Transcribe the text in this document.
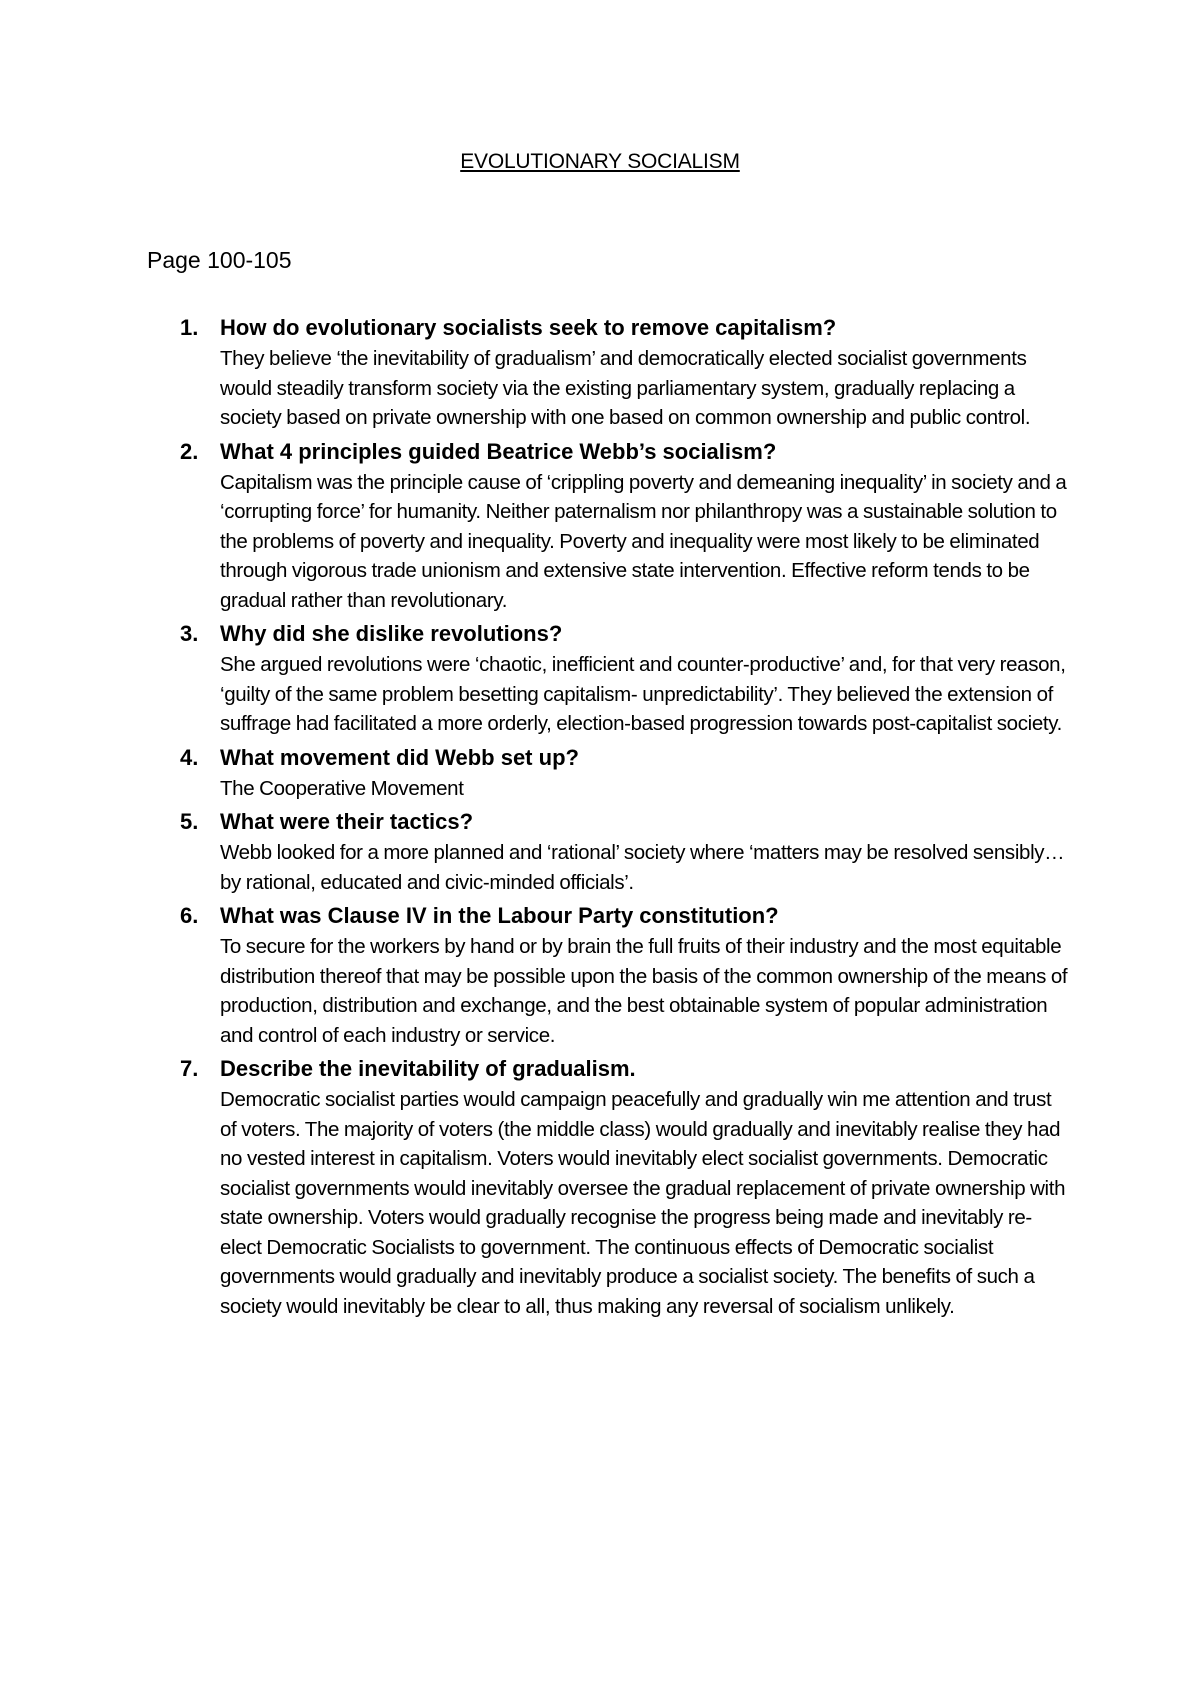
EVOLUTIONARY SOCIALISM
Page 100-105
1. How do evolutionary socialists seek to remove capitalism?
They believe ‘the inevitability of gradualism’ and democratically elected socialist governments would steadily transform society via the existing parliamentary system, gradually replacing a society based on private ownership with one based on common ownership and public control.
2. What 4 principles guided Beatrice Webb’s socialism?
Capitalism was the principle cause of ‘crippling poverty and demeaning inequality’ in society and a ‘corrupting force’ for humanity. Neither paternalism nor philanthropy was a sustainable solution to the problems of poverty and inequality. Poverty and inequality were most likely to be eliminated through vigorous trade unionism and extensive state intervention. Effective reform tends to be gradual rather than revolutionary.
3. Why did she dislike revolutions?
She argued revolutions were ‘chaotic, inefficient and counter-productive’ and, for that very reason, ‘guilty of the same problem besetting capitalism- unpredictability’. They believed the extension of suffrage had facilitated a more orderly, election-based progression towards post-capitalist society.
4. What movement did Webb set up?
The Cooperative Movement
5. What were their tactics?
Webb looked for a more planned and ‘rational’ society where ‘matters may be resolved sensibly… by rational, educated and civic-minded officials’.
6. What was Clause IV in the Labour Party constitution?
To secure for the workers by hand or by brain the full fruits of their industry and the most equitable distribution thereof that may be possible upon the basis of the common ownership of the means of production, distribution and exchange, and the best obtainable system of popular administration and control of each industry or service.
7. Describe the inevitability of gradualism.
Democratic socialist parties would campaign peacefully and gradually win me attention and trust of voters. The majority of voters (the middle class) would gradually and inevitably realise they had no vested interest in capitalism. Voters would inevitably elect socialist governments. Democratic socialist governments would inevitably oversee the gradual replacement of private ownership with state ownership. Voters would gradually recognise the progress being made and inevitably re-elect Democratic Socialists to government. The continuous effects of Democratic socialist governments would gradually and inevitably produce a socialist society. The benefits of such a society would inevitably be clear to all, thus making any reversal of socialism unlikely.
